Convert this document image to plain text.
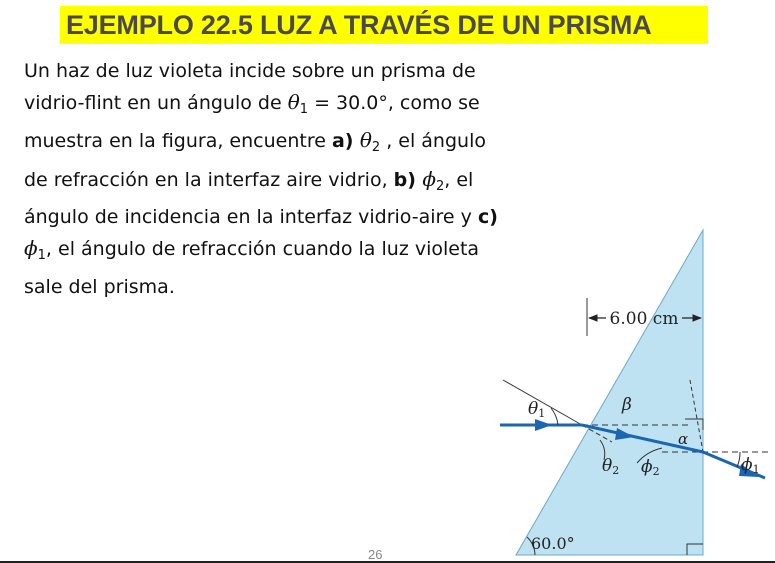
EJEMPLO 22.5 LUZ A TRAVÉS DE UN PRISMA
Un haz de luz violeta incide sobre un prisma de
vidrio-flint en un ángulo de $\theta_1 = 30.0^\circ$, como se
muestra en la figura, encuentre a) $\theta_2$ , el ángulo
de refracción en la interfaz aire vidrio, b) $\phi_2$, el
ángulo de incidencia en la interfaz vidrio-aire y c)
$\phi_1$, el ángulo de refracción cuando la luz violeta
sale del prisma.
6.00 cm
θ1	β
α
θ2 ϕ2	ϕ1
60.0°
26
